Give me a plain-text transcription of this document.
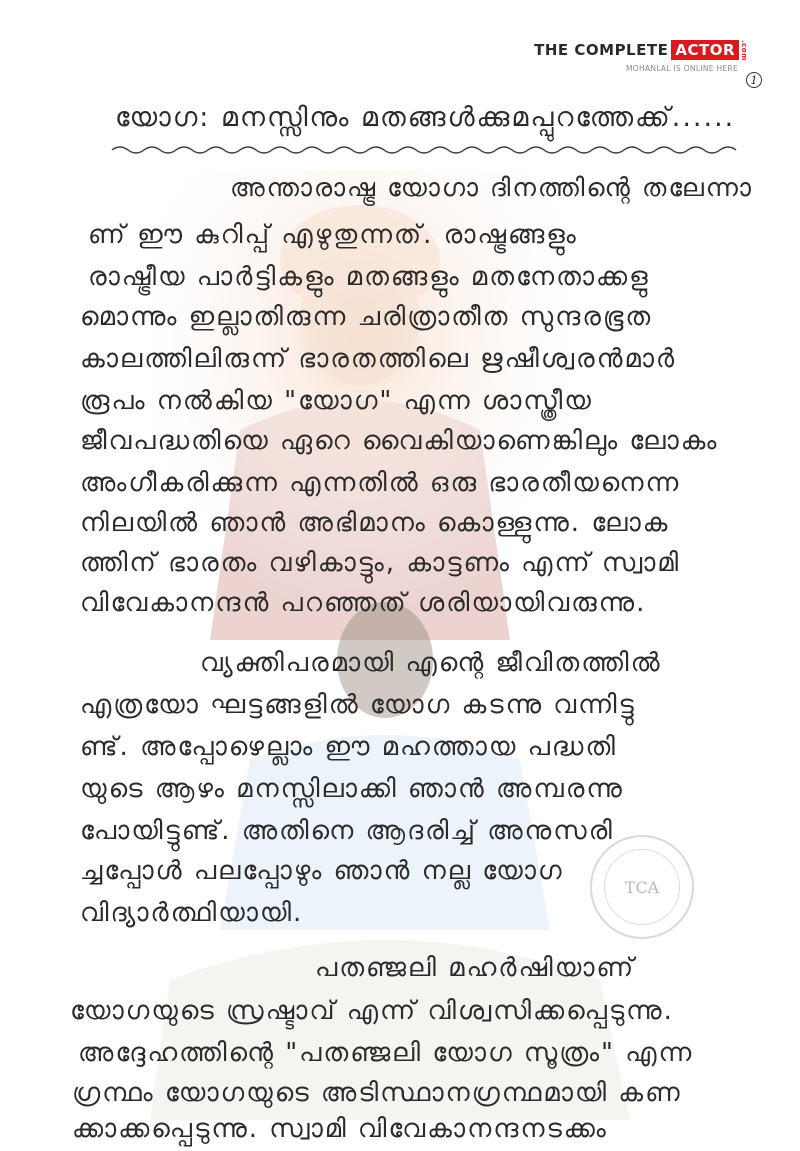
TCA
THE COMPLETE ACTOR .com
MOHANLAL IS ONLINE HERE
1
യോഗ: മനസ്സിനും മതങ്ങൾക്കുമപ്പുറത്തേക്ക്......
അന്താരാഷ്ട്ര യോഗാ ദിനത്തിന്റെ തലേന്നാ
ണ് ഈ കുറിപ്പ് എഴുതുന്നത്. രാഷ്ട്രങ്ങളും
രാഷ്ട്രീയ പാർട്ടികളും മതങ്ങളും മതനേതാക്കളു
മൊന്നും ഇല്ലാതിരുന്ന ചരിത്രാതീത സുന്ദരഭൂത
കാലത്തിലിരുന്ന് ഭാരതത്തിലെ ഋഷീശ്വരൻമാർ
രൂപം നൽകിയ "യോഗ" എന്ന ശാസ്ത്രീയ
ജീവപദ്ധതിയെ ഏറെ വൈകിയാണെങ്കിലും ലോകം
അംഗീകരിക്കുന്ന എന്നതിൽ ഒരു ഭാരതീയനെന്ന
നിലയിൽ ഞാൻ അഭിമാനം കൊള്ളുന്നു. ലോക
ത്തിന് ഭാരതം വഴികാട്ടും, കാട്ടണം എന്ന് സ്വാമി
വിവേകാനന്ദൻ പറഞ്ഞത് ശരിയായിവരുന്നു.
വ്യക്തിപരമായി എന്റെ ജീവിതത്തിൽ
എത്രയോ ഘട്ടങ്ങളിൽ യോഗ കടന്നു വന്നിട്ടു
ണ്ട്. അപ്പോഴെല്ലാം ഈ മഹത്തായ പദ്ധതി
യുടെ ആഴം മനസ്സിലാക്കി ഞാൻ അമ്പരന്നു
പോയിട്ടുണ്ട്. അതിനെ ആദരിച്ച് അനുസരി
ച്ചപ്പോൾ പലപ്പോഴും ഞാൻ നല്ല യോഗ
വിദ്യാർത്ഥിയായി.
പതഞ്ജലി മഹർഷിയാണ്
യോഗയുടെ സ്രഷ്ടാവ് എന്ന് വിശ്വസിക്കപ്പെടുന്നു.
അദ്ദേഹത്തിന്റെ "പതഞ്ജലി യോഗ സൂത്രം" എന്ന
ഗ്രന്ഥം യോഗയുടെ അടിസ്ഥാനഗ്രന്ഥമായി കണ
ക്കാക്കപ്പെടുന്നു. സ്വാമി വിവേകാനന്ദനടക്കം
